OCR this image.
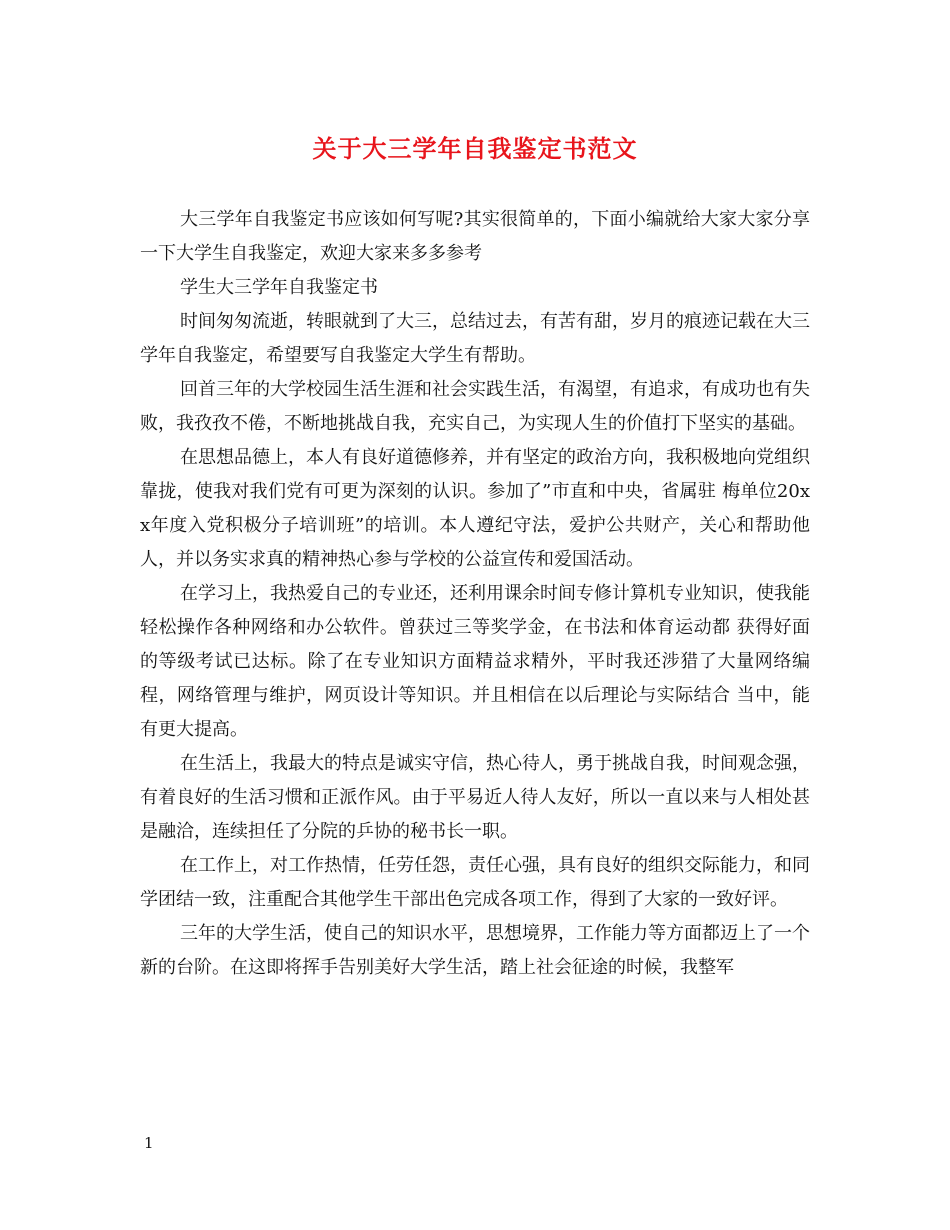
关于大三学年自我鉴定书范文

大三学年自我鉴定书应该如何写呢?其实很简单的，下面小编就给大家大家分享一下大学生自我鉴定，欢迎大家来多多参考

学生大三学年自我鉴定书

时间匆匆流逝，转眼就到了大三，总结过去，有苦有甜，岁月的痕迹记载在大三学年自我鉴定，希望要写自我鉴定大学生有帮助。

回首三年的大学校园生活生涯和社会实践生活，有渴望，有追求，有成功也有失败，我孜孜不倦，不断地挑战自我，充实自己，为实现人生的价值打下坚实的基础。

在思想品德上，本人有良好道德修养，并有坚定的政治方向，我积极地向党组织靠拢，使我对我们党有可更为深刻的认识。参加了”市直和中央，省属驻 梅单位20xx年度入党积极分子培训班”的培训。本人遵纪守法，爱护公共财产，关心和帮助他人，并以务实求真的精神热心参与学校的公益宣传和爱国活动。

在学习上，我热爱自己的专业还，还利用课余时间专修计算机专业知识，使我能轻松操作各种网络和办公软件。曾获过三等奖学金，在书法和体育运动都 获得好面的等级考试已达标。除了在专业知识方面精益求精外，平时我还涉猎了大量网络编程，网络管理与维护，网页设计等知识。并且相信在以后理论与实际结合 当中，能有更大提高。

在生活上，我最大的特点是诚实守信，热心待人，勇于挑战自我，时间观念强，有着良好的生活习惯和正派作风。由于平易近人待人友好，所以一直以来与人相处甚是融洽，连续担任了分院的乒协的秘书长一职。

在工作上，对工作热情，任劳任怨，责任心强，具有良好的组织交际能力，和同学团结一致，注重配合其他学生干部出色完成各项工作，得到了大家的一致好评。

三年的大学生活，使自己的知识水平，思想境界，工作能力等方面都迈上了一个新的台阶。在这即将挥手告别美好大学生活，踏上社会征途的时候，我整军

1
